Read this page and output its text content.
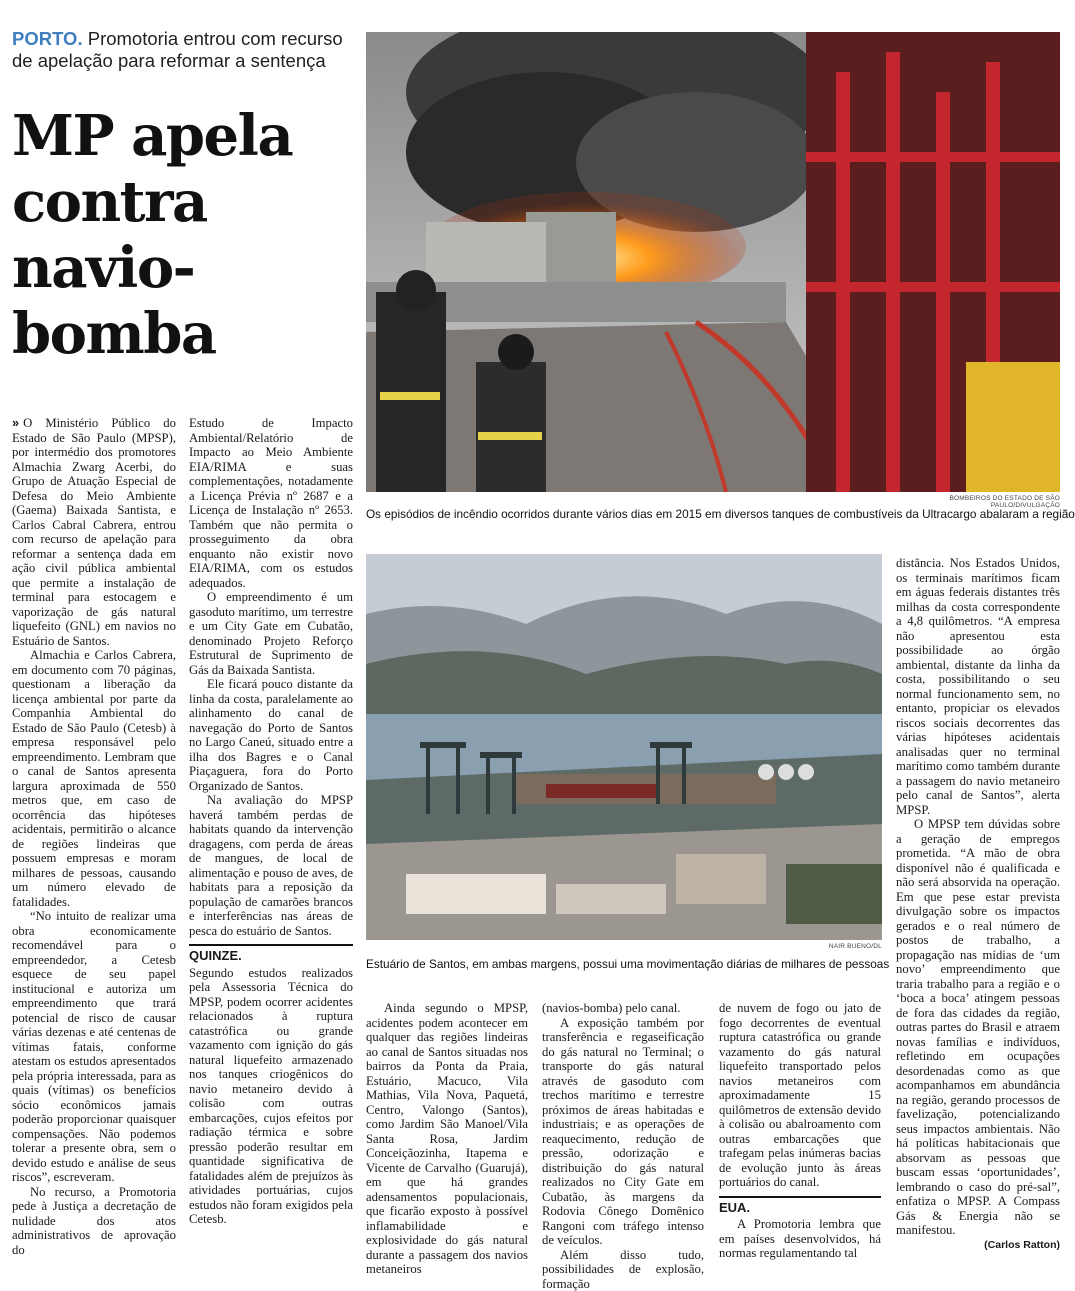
PORTO. Promotoria entrou com recurso de apelação para reformar a sentença
MP apela contra navio-bomba
BOMBEIROS DO ESTADO DE SÃO PAULO/DIVULGAÇÃO
Os episódios de incêndio ocorridos durante vários dias em 2015 em diversos tanques de combustíveis da Ultracargo abalaram a região
NAIR BUENO/DL
Estuário de Santos, em ambas margens, possui uma movimentação diárias de milhares de pessoas

» O Ministério Público do Estado de São Paulo (MPSP), por intermédio dos promotores Almachia Zwarg Acerbi, do Grupo de Atuação Especial de Defesa do Meio Ambiente (Gaema) Baixada Santista, e Carlos Cabral Cabrera, entrou com recurso de apelação para reformar a sentença dada em ação civil pública ambiental que permite a instalação de terminal para estocagem e vaporização de gás natural liquefeito (GNL) em navios no Estuário de Santos.

Almachia e Carlos Cabrera, em documento com 70 páginas, questionam a liberação da licença ambiental por parte da Companhia Ambiental do Estado de São Paulo (Cetesb) à empresa responsável pelo empreendimento. Lembram que o canal de Santos apresenta largura aproximada de 550 metros que, em caso de ocorrência das hipóteses acidentais, permitirão o alcance de regiões lindeiras que possuem empresas e moram milhares de pessoas, causando um número elevado de fatalidades.

“No intuito de realizar uma obra economicamente recomendável para o empreendedor, a Cetesb esquece de seu papel institucional e autoriza um empreendimento que trará potencial de risco de causar várias dezenas e até centenas de vítimas fatais, conforme atestam os estudos apresentados pela própria interessada, para as quais (vítimas) os benefícios sócio econômicos jamais poderão proporcionar quaisquer compensações. Não podemos tolerar a presente obra, sem o devido estudo e análise de seus riscos”, escreveram.

No recurso, a Promotoria pede à Justiça a decretação de nulidade dos atos administrativos de aprovação do

Estudo de Impacto Ambiental/Relatório de Impacto ao Meio Ambiente EIA/RIMA e suas complementações, notadamente a Licença Prévia nº 2687 e a Licença de Instalação nº 2653. Também que não permita o prosseguimento da obra enquanto não existir novo EIA/RIMA, com os estudos adequados.

O empreendimento é um gasoduto marítimo, um terrestre e um City Gate em Cubatão, denominado Projeto Reforço Estrutural de Suprimento de Gás da Baixada Santista.

Ele ficará pouco distante da linha da costa, paralelamente ao alinhamento do canal de navegação do Porto de Santos no Largo Caneú, situado entre a ilha dos Bagres e o Canal Piaçaguera, fora do Porto Organizado de Santos.

Na avaliação do MPSP haverá também perdas de habitats quando da intervenção dragagens, com perda de áreas de mangues, de local de alimentação e pouso de aves, de habitats para a reposição da população de camarões brancos e interferências nas áreas de pesca do estuário de Santos.

QUINZE.

Segundo estudos realizados pela Assessoria Técnica do MPSP, podem ocorrer acidentes relacionados à ruptura catastrófica ou grande vazamento com ignição do gás natural liquefeito armazenado nos tanques criogênicos do navio metaneiro devido à colisão com outras embarcações, cujos efeitos por radiação térmica e sobre pressão poderão resultar em quantidade significativa de fatalidades além de prejuízos às atividades portuárias, cujos estudos não foram exigidos pela Cetesb.

Ainda segundo o MPSP, acidentes podem acontecer em qualquer das regiões lindeiras ao canal de Santos situadas nos bairros da Ponta da Praia, Estuário, Macuco, Vila Mathias, Vila Nova, Paquetá, Centro, Valongo (Santos), como Jardim São Manoel/Vila Santa Rosa, Jardim Conceiçãozinha, Itapema e Vicente de Carvalho (Guarujá), em que há grandes adensamentos populacionais, que ficarão exposto à possível inflamabilidade e explosividade do gás natural durante a passagem dos navios metaneiros

(navios-bomba) pelo canal.

A exposição também por transferência e regaseificação do gás natural no Terminal; o transporte do gás natural através de gasoduto com trechos marítimo e terrestre próximos de áreas habitadas e industriais; e as operações de reaquecimento, redução de pressão, odorização e distribuição do gás natural realizados no City Gate em Cubatão, às margens da Rodovia Cônego Domênico Rangoni com tráfego intenso de veículos.

Além disso tudo, possibilidades de explosão, formação

de nuvem de fogo ou jato de fogo decorrentes de eventual ruptura catastrófica ou grande vazamento do gás natural liquefeito transportado pelos navios metaneiros com aproximadamente 15 quilômetros de extensão devido à colisão ou abalroamento com outras embarcações que trafegam pelas inúmeras bacias de evolução junto às áreas portuários do canal.

EUA.

A Promotoria lembra que em países desenvolvidos, há normas regulamentando tal

distância. Nos Estados Unidos, os terminais marítimos ficam em águas federais distantes três milhas da costa correspondente a 4,8 quilômetros. “A empresa não apresentou esta possibilidade ao órgão ambiental, distante da linha da costa, possibilitando o seu normal funcionamento sem, no entanto, propiciar os elevados riscos sociais decorrentes das várias hipóteses acidentais analisadas quer no terminal marítimo como também durante a passagem do navio metaneiro pelo canal de Santos”, alerta MPSP.

O MPSP tem dúvidas sobre a geração de empregos prometida. “A mão de obra disponível não é qualificada e não será absorvida na operação. Em que pese estar prevista divulgação sobre os impactos gerados e o real número de postos de trabalho, a propagação nas mídias de ‘um novo’ empreendimento que traria trabalho para a região e o ‘boca a boca’ atingem pessoas de fora das cidades da região, outras partes do Brasil e atraem novas famílias e indivíduos, refletindo em ocupações desordenadas como as que acompanhamos em abundância na região, gerando processos de favelização, potencializando seus impactos ambientais. Não há políticas habitacionais que absorvam as pessoas que buscam essas ‘oportunidades’, lembrando o caso do pré-sal”, enfatiza o MPSP. A Compass Gás & Energia não se manifestou.

(Carlos Ratton)
